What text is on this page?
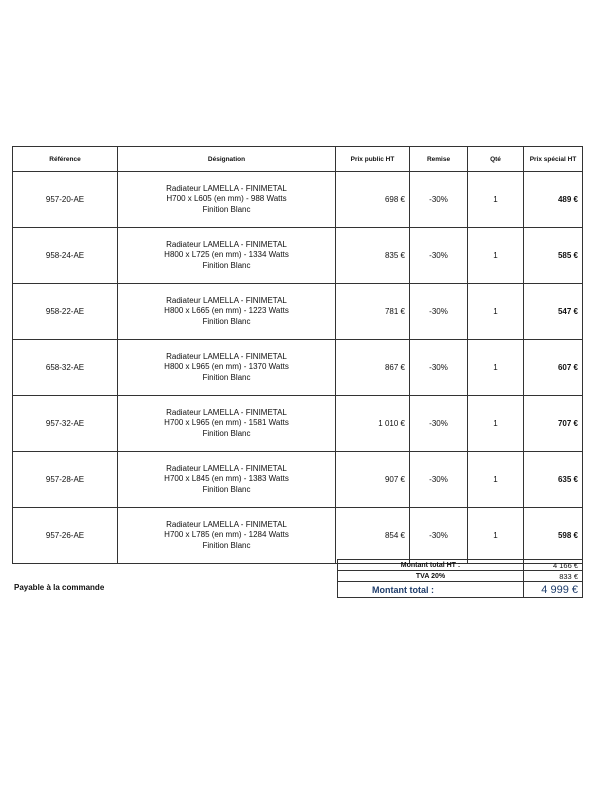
Référence	Désignation	Prix public HT	Remise	Qté	Prix spécial HT
957-20-AE	Radiateur LAMELLA - FINIMETAL
H700 x L605 (en mm) - 988 Watts
Finition Blanc	698 €	-30%	1	489 €
958-24-AE	Radiateur LAMELLA - FINIMETAL
H800 x L725 (en mm) - 1334 Watts
Finition Blanc	835 €	-30%	1	585 €
958-22-AE	Radiateur LAMELLA - FINIMETAL
H800 x L665 (en mm) - 1223 Watts
Finition Blanc	781 €	-30%	1	547 €
658-32-AE	Radiateur LAMELLA - FINIMETAL
H800 x L965 (en mm) - 1370 Watts
Finition Blanc	867 €	-30%	1	607 €
957-32-AE	Radiateur LAMELLA - FINIMETAL
H700 x L965 (en mm) - 1581 Watts
Finition Blanc	1 010 €	-30%	1	707 €
957-28-AE	Radiateur LAMELLA - FINIMETAL
H700 x L845 (en mm) - 1383 Watts
Finition Blanc	907 €	-30%	1	635 €
957-26-AE	Radiateur LAMELLA - FINIMETAL
H700 x L785 (en mm) - 1284 Watts
Finition Blanc	854 €	-30%	1	598 €
Montant total HT :	4 166 €
TVA 20%	833 €
Montant total :	4 999 €
Payable à la commande
